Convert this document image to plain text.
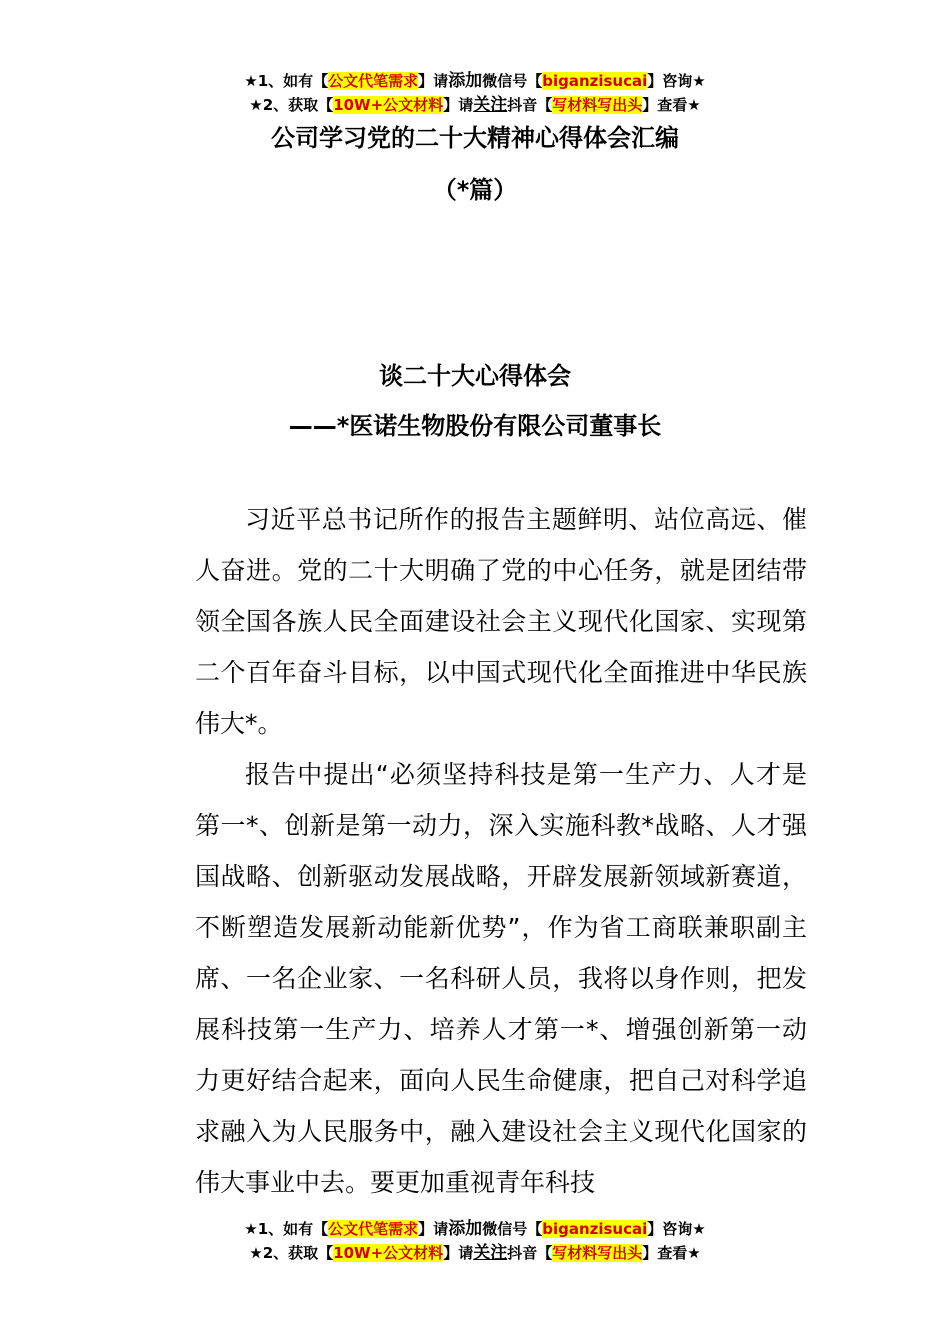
★1、如有【公文代笔需求】请添加微信号【biganzisucai】咨询★
★2、获取【10W+公文材料】请关注抖音【写材料写出头】查看★
公司学习党的二十大精神心得体会汇编
（*篇）
谈二十大心得体会
——*医诺生物股份有限公司董事长

习近平总书记所作的报告主题鲜明、站位高远、催人奋进。党的二十大明确了党的中心任务，就是团结带领全国各族人民全面建设社会主义现代化国家、实现第二个百年奋斗目标，以中国式现代化全面推进中华民族伟大*。

报告中提出“必须坚持科技是第一生产力、人才是第一*、创新是第一动力，深入实施科教*战略、人才强国战略、创新驱动发展战略，开辟发展新领域新赛道，不断塑造发展新动能新优势”，作为省工商联兼职副主席、一名企业家、一名科研人员，我将以身作则，把发展科技第一生产力、培养人才第一*、增强创新第一动力更好结合起来，面向人民生命健康，把自己对科学追求融入为人民服务中，融入建设社会主义现代化国家的伟大事业中去。要更加重视青年科技

★1、如有【公文代笔需求】请添加微信号【biganzisucai】咨询★
★2、获取【10W+公文材料】请关注抖音【写材料写出头】查看★
